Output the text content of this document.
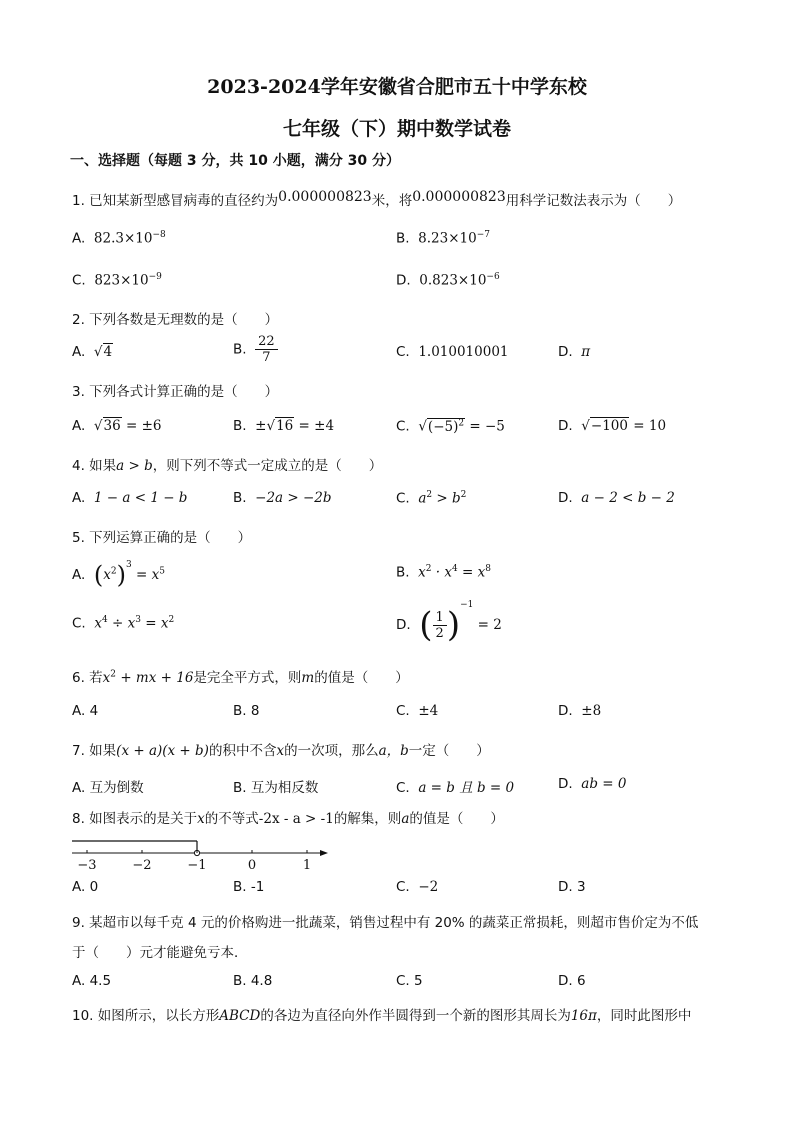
2023-2024学年安徽省合肥市五十中学东校
七年级（下）期中数学试卷
一、选择题（每题 3 分，共 10 小题，满分 30 分）
1. 已知某新型感冒病毒的直径约为0.000000823米，将0.000000823用科学记数法表示为（　　）
A. $82.3\times 10^{-8}$	B. $8.23\times 10^{-7}$
C. $823\times 10^{-9}$	D. $0.823\times 10^{-6}$
2. 下列各数是无理数的是（　　）
A. √4	B. $\frac{22}{7}$	C. 1.010010001	D. π
3. 下列各式计算正确的是（　　）
A. √36 = ±6	B. ±√16 = ±4	C. $√(-5)^2 = -5$	D. √−100 = 10
4. 如果a > b，则下列不等式一定成立的是（　　）
A. 1 − a < 1 − b	B. −2a > −2b	C. $a^2 > b^2$	D. a − 2 < b − 2
5. 下列运算正确的是（　　）
A. $(x^2)^3 = x^5$	B. $x^2 \cdot x^4 = x^8$
C. $x^4 \div x^3 = x^2$	D. ( $\frac{1}{2} )^{-1} = 2$
6. 若$x^2$ + mx + 16是完全平方式，则m的值是（　　）
A. 4	B. 8	C. ±4	D. ±8
7. 如果(x + a)(x + b)的积中不含x的一次项，那么a，b一定（　　）
A. 互为倒数	B. 互为相反数	C. a = b 且 b = 0	D. ab = 0
8. 如图表示的是关于x的不等式-2x - a > -1的解集，则a的值是（　　）
−3	−2	−1	0	1
A. 0	B. -1	C. −2	D. 3
9. 某超市以每千克 4 元的价格购进一批蔬菜，销售过程中有 20% 的蔬菜正常损耗，则超市售价定为不低
于（　　）元才能避免亏本．
A. 4.5	B. 4.8	C. 5	D. 6
10. 如图所示，以长方形ABCD的各边为直径向外作半圆得到一个新的图形其周长为16π，同时此图形中
